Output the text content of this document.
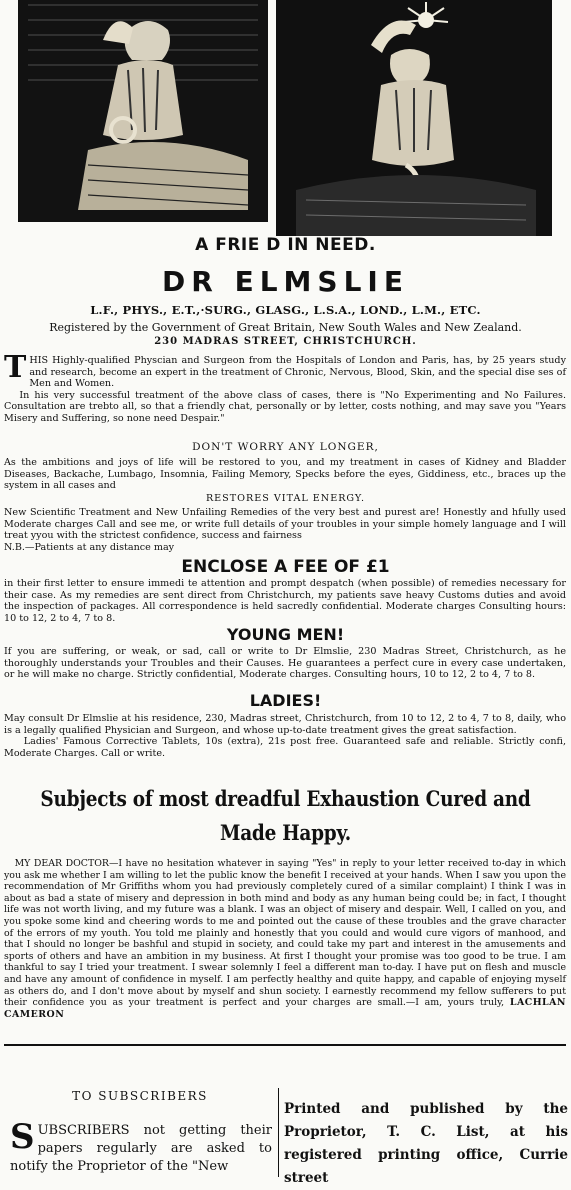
A FRIE D IN NEED.
DR ELMSLIE
L.F., PHYS., E.T.,·SURG., GLASG., L.S.A., LOND., L.M., ETC.
Registered by the Government of Great Britain, New South Wales and New Zealand.
230 MADRAS STREET, CHRISTCHURCH.
THIS Highly-qualified Physcian and Surgeon from the Hospitals of London and Paris, has, by 25 years study and research, become an expert in the treatment of Chronic, Nervous, Blood, Skin, and the special dise ses of Men and Women.
In his very successful treatment of the above class of cases, there is "No Experimenting and No Failures. Consultation are trebto all, so that a friendly chat, personally or by letter, costs nothing, and may save you "Years Misery and Suffering, so none need Despair."
DON'T WORRY ANY LONGER,
As the ambitions and joys of life will be restored to you, and my treatment in cases of Kidney and Bladder Diseases, Backache, Lumbago, Insomnia, Failing Memory, Specks before the eyes, Giddiness, etc., braces up the system in all cases and
RESTORES VITAL ENERGY.
New Scientific Treatment and New Unfailing Remedies of the very best and purest are! Honestly and hfully used Moderate charges Call and see me, or write full details of your troubles in your simple homely language and I will treat yyou with the strictest confidence, success and fairness
N.B.—Patients at any distance may
ENCLOSE A FEE OF £1
in their first letter to ensure immedi te attention and prompt despatch (when possible) of remedies necessary for their case. As my remedies are sent direct from Christchurch, my patients save heavy Customs duties and avoid the inspection of packages. All correspondence is held sacredly confidential. Moderate charges Consulting hours: 10 to 12, 2 to 4, 7 to 8.
YOUNG MEN!
If you are suffering, or weak, or sad, call or write to Dr Elmslie, 230 Madras Street, Christchurch, as he thoroughly understands your Troubles and their Causes. He guarantees a perfect cure in every case undertaken, or he will make no charge. Strictly confidential, Moderate charges. Consulting hours, 10 to 12, 2 to 4, 7 to 8.
LADIES!
May consult Dr Elmslie at his residence, 230, Madras street, Christchurch, from 10 to 12, 2 to 4, 7 to 8, daily, who is a legally qualified Physician and Surgeon, and whose up-to-date treatment gives the great satisfaction.
Ladies' Famous Corrective Tablets, 10s (extra), 21s post free. Guaranteed safe and reliable. Strictly confi, Moderate Charges. Call or write.
Subjects of most dreadful Exhaustion Cured and Made Happy.
MY DEAR DOCTOR—I have no hesitation whatever in saying "Yes" in reply to your letter received to-day in which you ask me whether I am willing to let the public know the benefit I received at your hands. When I saw you upon the recommendation of Mr Griffiths whom you had previously completely cured of a similar complaint) I think I was in about as bad a state of misery and depression in both mind and body as any human being could be; in fact, I thought life was not worth living, and my future was a blank. I was an object of misery and despair. Well, I called on you, and you spoke some kind and cheering words to me and pointed out the cause of these troubles and the grave character of the errors of my youth. You told me plainly and honestly that you could and would cure vigors of manhood, and that I should no longer be bashful and stupid in society, and could take my part and interest in the amusements and sports of others and have an ambition in my business. At first I thought your promise was too good to be true. I am thankful to say I tried your treatment. I swear solemnly I feel a different man to-day. I have put on flesh and muscle and have any amount of confidence in myself. I am perfectly healthy and quite happy, and capable of enjoying myself as others do, and I don't move about by myself and shun society. I earnestly recommend my fellow sufferers to put their confidence you as your treatment is perfect and your charges are small.—I am, yours truly, LACHLAN CAMERON
TO SUBSCRIBERS
SUBSCRIBERS not getting their papers regularly are asked to notify the Proprietor of the "New
Printed and published by the Proprietor, T. C. List, at his registered printing office, Currie street
